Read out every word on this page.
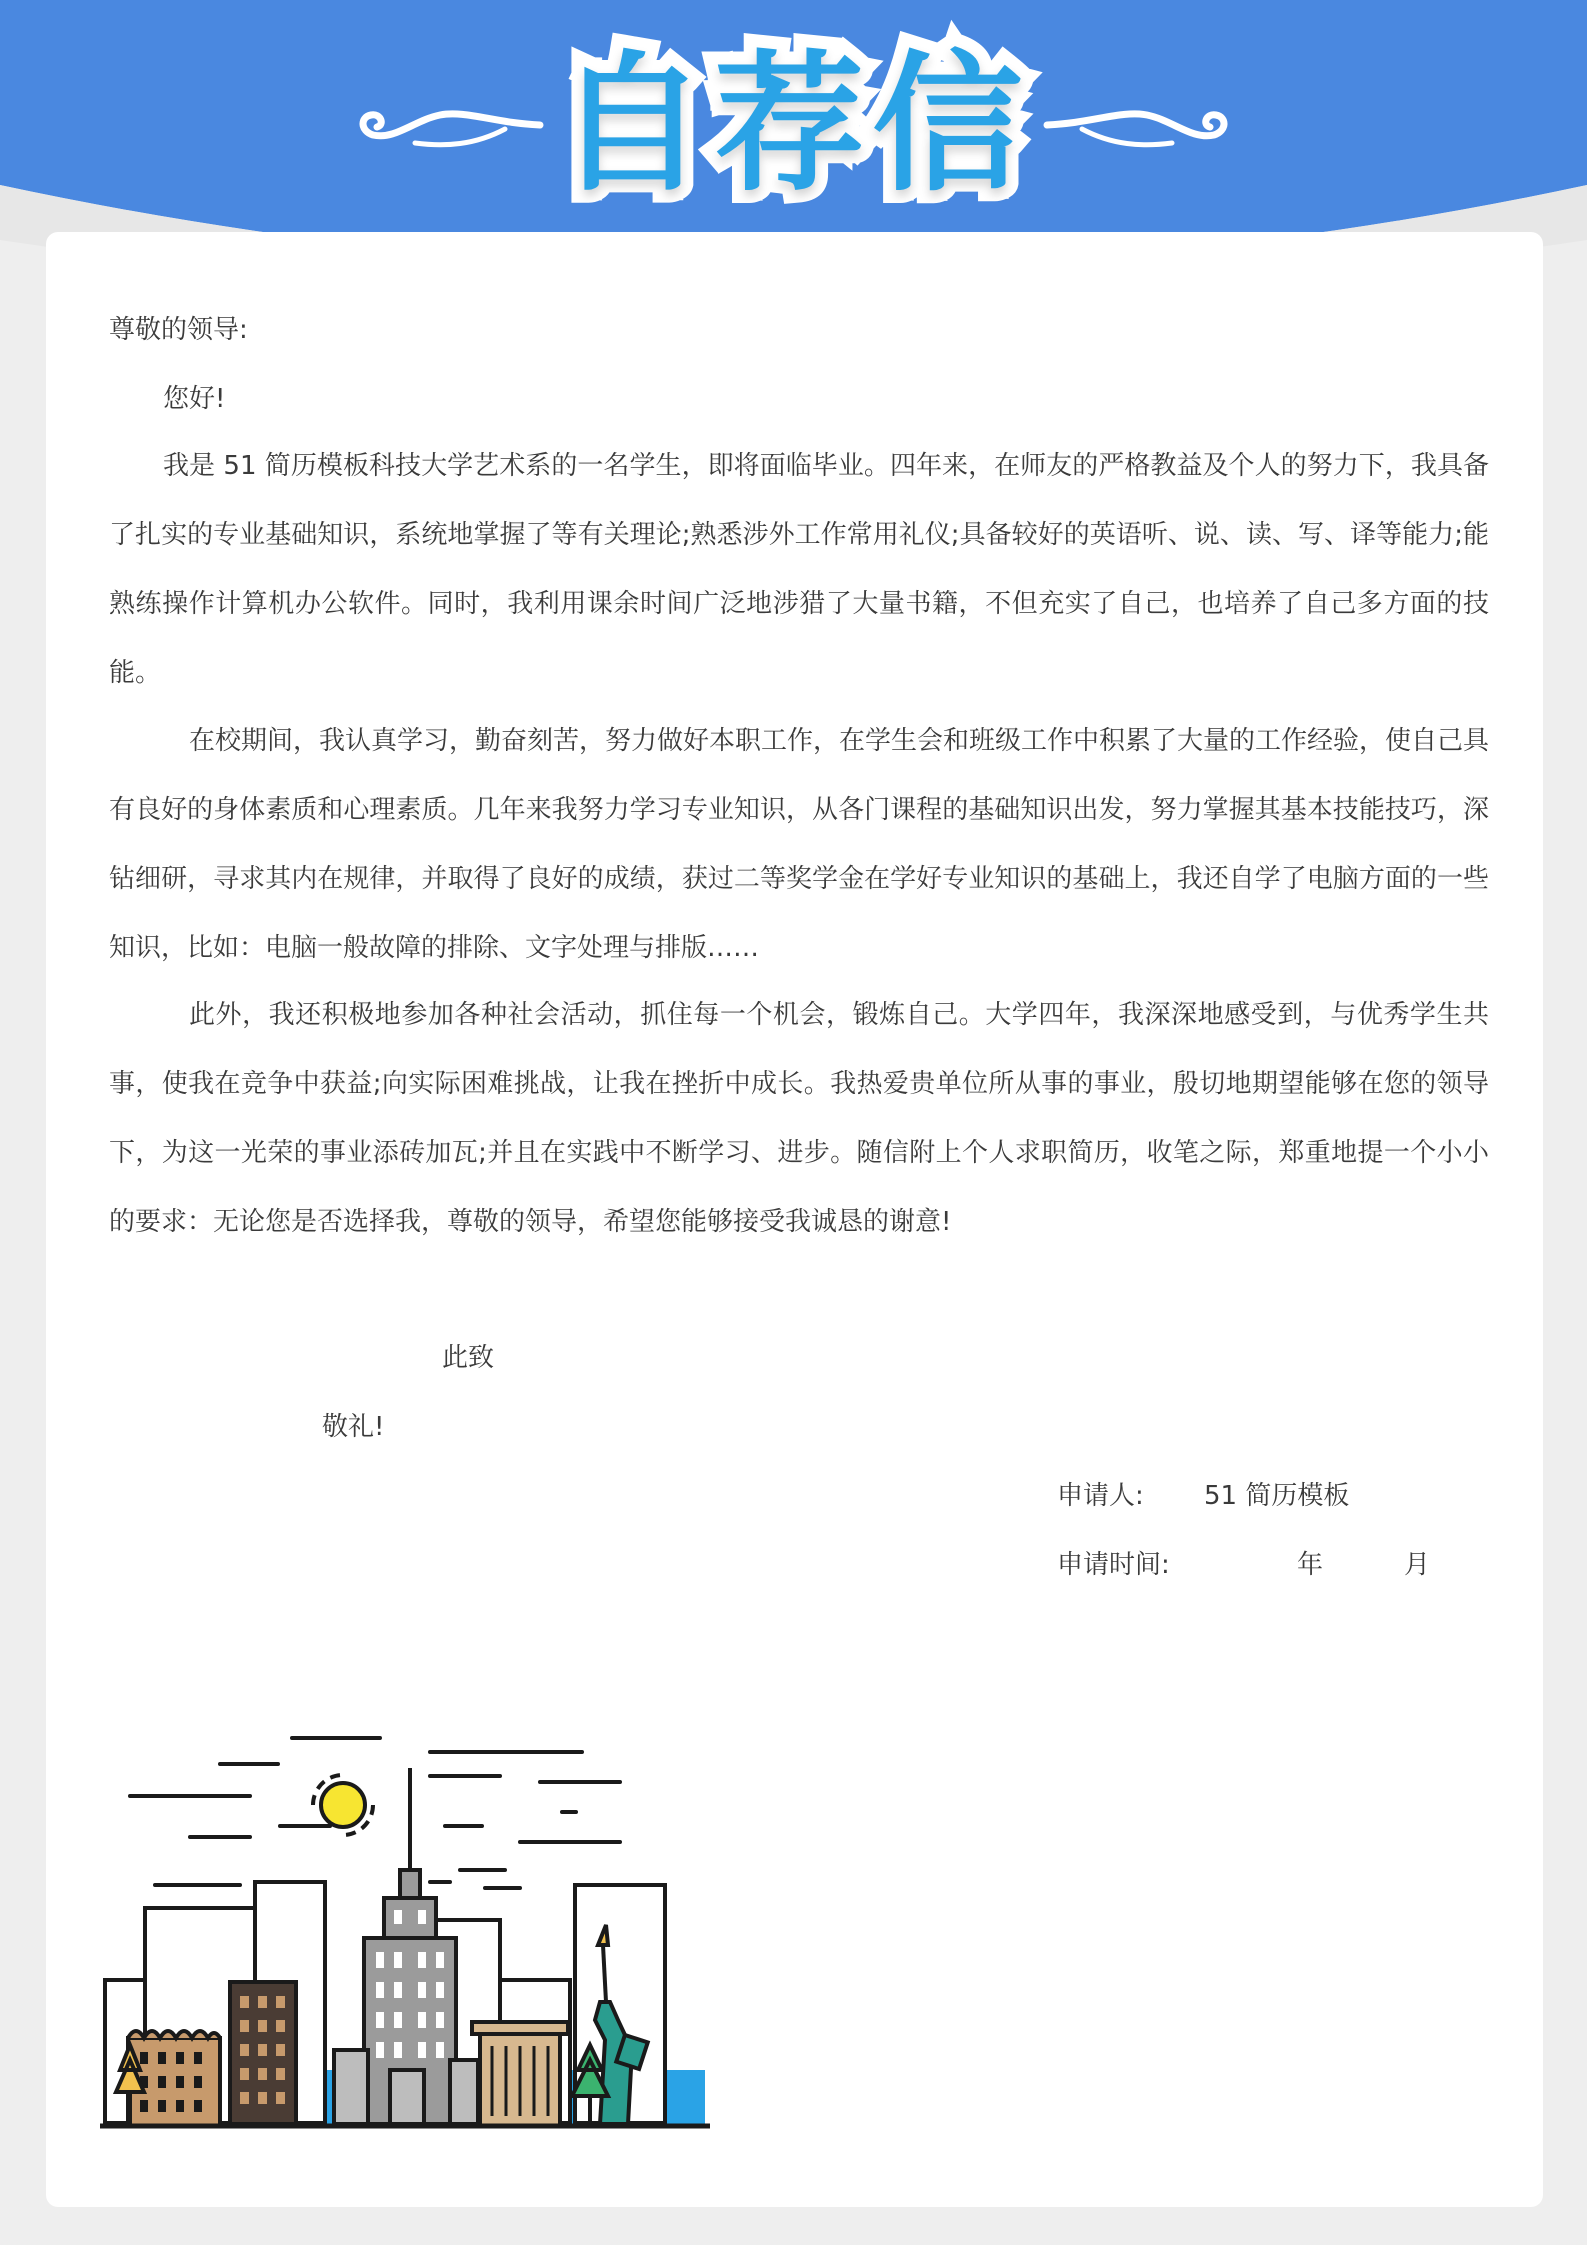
自荐信
尊敬的领导:
您好!

我是 51 简历模板科技大学艺术系的一名学生，即将面临毕业。四年来，在师友的严格教益及个人的努力下，我具备了扎实的专业基础知识，系统地掌握了等有关理论;熟悉涉外工作常用礼仪;具备较好的英语听、说、读、写、译等能力;能熟练操作计算机办公软件。同时，我利用课余时间广泛地涉猎了大量书籍，不但充实了自己，也培养了自己多方面的技能。

在校期间，我认真学习，勤奋刻苦，努力做好本职工作，在学生会和班级工作中积累了大量的工作经验，使自己具有良好的身体素质和心理素质。几年来我努力学习专业知识，从各门课程的基础知识出发，努力掌握其基本技能技巧，深钻细研，寻求其内在规律，并取得了良好的成绩，获过二等奖学金在学好专业知识的基础上，我还自学了电脑方面的一些知识，比如：电脑一般故障的排除、文字处理与排版……

此外，我还积极地参加各种社会活动，抓住每一个机会，锻炼自己。大学四年，我深深地感受到，与优秀学生共事，使我在竞争中获益;向实际困难挑战，让我在挫折中成长。我热爱贵单位所从事的事业，殷切地期望能够在您的领导下，为这一光荣的事业添砖加瓦;并且在实践中不断学习、进步。随信附上个人求职简历，收笔之际，郑重地提一个小小的要求：无论您是否选择我，尊敬的领导，希望您能够接受我诚恳的谢意!

此致
敬礼!
申请人: 51 简历模板
申请时间:	年	月
